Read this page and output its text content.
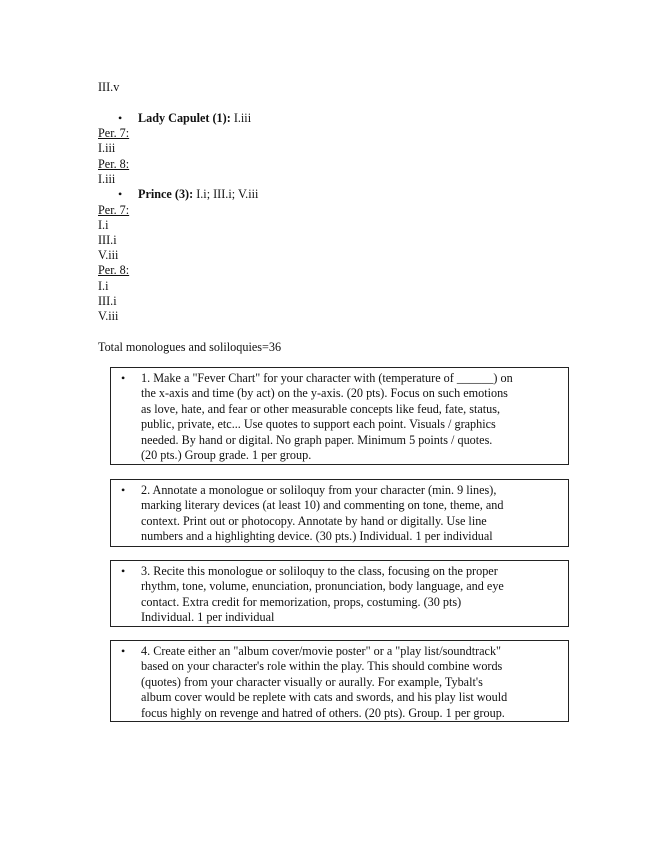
III.v
• Lady Capulet (1): I.iii
Per. 7:
I.iii
Per. 8:
I.iii
• Prince (3): I.i; III.i; V.iii
Per. 7:
I.i
III.i
V.iii
Per. 8:
I.i
III.i
V.iii
Total monologues and soliloquies=36
•	1. Make a "Fever Chart" for your character with (temperature of ______) on
the x-axis and time (by act) on the y-axis. (20 pts). Focus on such emotions
as love, hate, and fear or other measurable concepts like feud, fate, status,
public, private, etc... Use quotes to support each point. Visuals / graphics
needed. By hand or digital. No graph paper. Minimum 5 points / quotes.
(20 pts.) Group grade. 1 per group.
•	2. Annotate a monologue or soliloquy from your character (min. 9 lines),
marking literary devices (at least 10) and commenting on tone, theme, and
context. Print out or photocopy. Annotate by hand or digitally. Use line
numbers and a highlighting device. (30 pts.) Individual. 1 per individual
•	3. Recite this monologue or soliloquy to the class, focusing on the proper
rhythm, tone, volume, enunciation, pronunciation, body language, and eye
contact. Extra credit for memorization, props, costuming. (30 pts)
Individual. 1 per individual
•	4. Create either an "album cover/movie poster" or a "play list/soundtrack"
based on your character's role within the play. This should combine words
(quotes) from your character visually or aurally. For example, Tybalt's
album cover would be replete with cats and swords, and his play list would
focus highly on revenge and hatred of others. (20 pts). Group. 1 per group.
